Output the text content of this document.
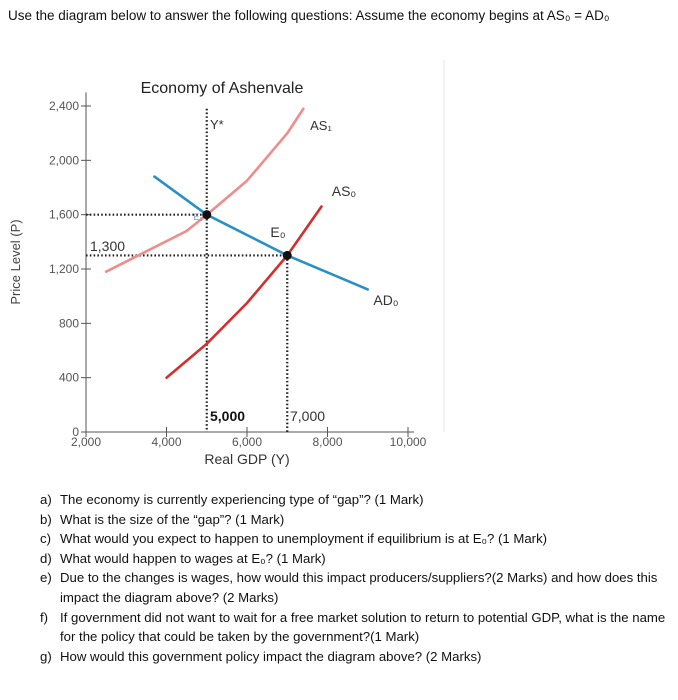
Use the diagram below to answer the following questions: Assume the economy begins at AS₀ = AD₀
Economy of Ashenvale
Price Level (P)
Real GDP (Y)
0
400
800
1,200
1,600
2,000
2,400
2,000	4,000	6,000	8,000	10,000
AS₁
AS₀
AD₀
E₀
E₁
Y*
1,300
5,000	7,000
a) The economy is currently experiencing type of “gap”? (1 Mark)
b) What is the size of the “gap”? (1 Mark)
c) What would you expect to happen to unemployment if equilibrium is at E₀? (1 Mark)
d) What would happen to wages at E₀? (1 Mark)
e) Due to the changes is wages, how would this impact producers/suppliers?(2 Marks) and how does this impact the diagram above? (2 Marks)
f) If government did not want to wait for a free market solution to return to potential GDP, what is the name for the policy that could be taken by the government?(1 Mark)
g) How would this government policy impact the diagram above? (2 Marks)
